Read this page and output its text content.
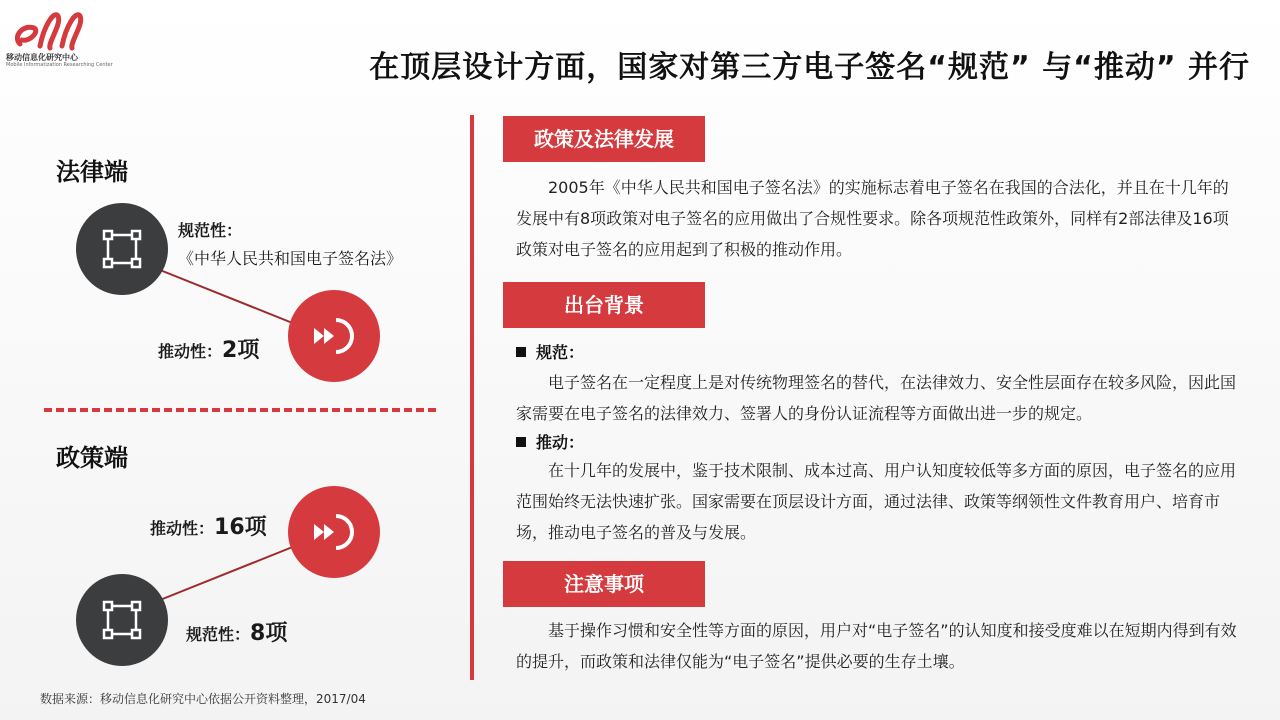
移动信息化研究中心
Mobile Informatization Researching Center	在顶层设计方面，国家对第三方电子签名“规范” 与“推动” 并行
法律端
规范性：
《中华人民共和国电子签名法》
推动性：2项
政策端
推动性：16项
规范性：8项
政策及法律发展
2005年《中华人民共和国电子签名法》的实施标志着电子签名在我国的合法化，并且在十几年的发展中有8项政策对电子签名的应用做出了合规性要求。除各项规范性政策外，同样有2部法律及16项政策对电子签名的应用起到了积极的推动作用。
出台背景
规范：
电子签名在一定程度上是对传统物理签名的替代，在法律效力、安全性层面存在较多风险，因此国家需要在电子签名的法律效力、签署人的身份认证流程等方面做出进一步的规定。
推动：
在十几年的发展中，鉴于技术限制、成本过高、用户认知度较低等多方面的原因，电子签名的应用范围始终无法快速扩张。国家需要在顶层设计方面，通过法律、政策等纲领性文件教育用户、培育市场，推动电子签名的普及与发展。
注意事项
基于操作习惯和安全性等方面的原因，用户对“电子签名”的认知度和接受度难以在短期内得到有效的提升，而政策和法律仅能为“电子签名”提供必要的生存土壤。
数据来源：移动信息化研究中心依据公开资料整理，2017/04
